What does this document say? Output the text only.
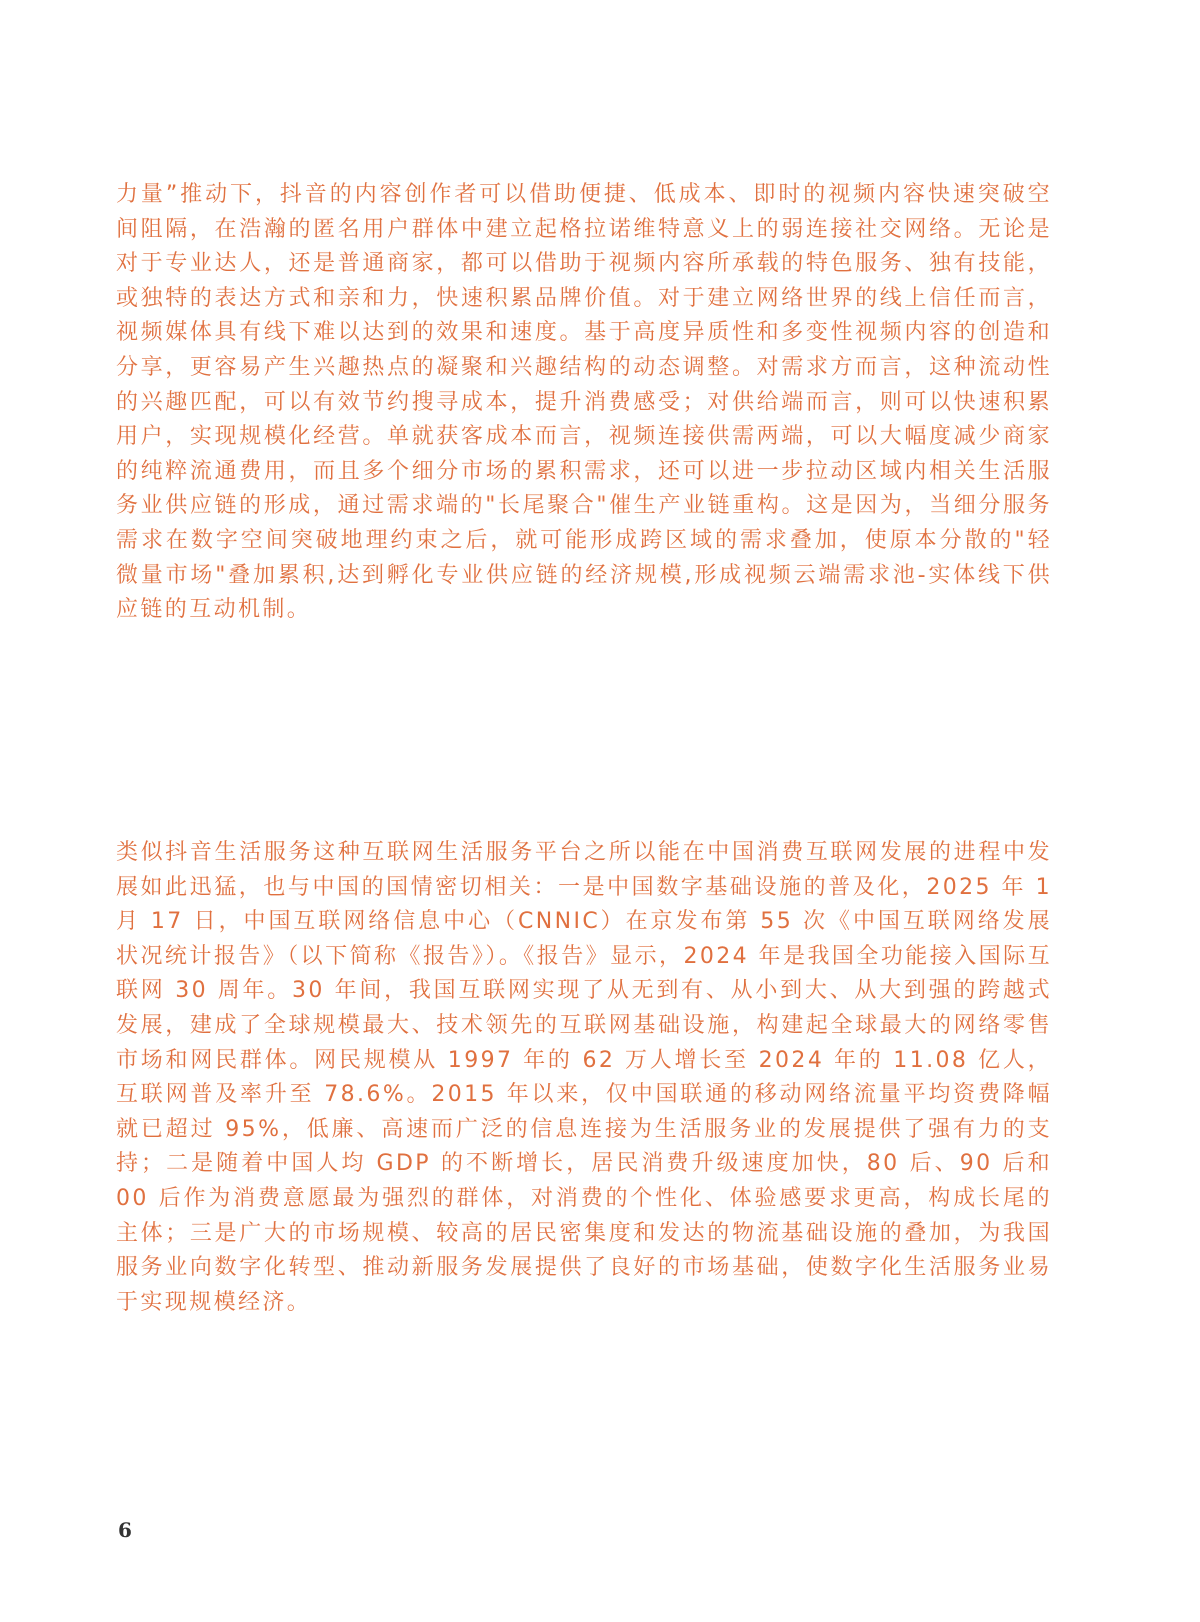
力量”推动下，抖音的内容创作者可以借助便捷、低成本、即时的视频内容快速突破空间阻隔，在浩瀚的匿名用户群体中建立起格拉诺维特意义上的弱连接社交网络。无论是对于专业达人，还是普通商家，都可以借助于视频内容所承载的特色服务、独有技能，或独特的表达方式和亲和力，快速积累品牌价值。对于建立网络世界的线上信任而言，视频媒体具有线下难以达到的效果和速度。基于高度异质性和多变性视频内容的创造和分享，更容易产生兴趣热点的凝聚和兴趣结构的动态调整。对需求方而言，这种流动性的兴趣匹配，可以有效节约搜寻成本，提升消费感受；对供给端而言，则可以快速积累用户，实现规模化经营。单就获客成本而言，视频连接供需两端，可以大幅度减少商家的纯粹流通费用，而且多个细分市场的累积需求，还可以进一步拉动区域内相关生活服务业供应链的形成，通过需求端的"长尾聚合"催生产业链重构。这是因为，当细分服务需求在数字空间突破地理约束之后，就可能形成跨区域的需求叠加，使原本分散的"轻微量市场"叠加累积,达到孵化专业供应链的经济规模,形成视频云端需求池-实体线下供应链的互动机制。

类似抖音生活服务这种互联网生活服务平台之所以能在中国消费互联网发展的进程中发展如此迅猛，也与中国的国情密切相关：一是中国数字基础设施的普及化，2025 年 1 月 17 日，中国互联网络信息中心（CNNIC）在京发布第 55 次《中国互联网络发展状况统计报告》（以下简称《报告》）。《报告》显示，2024 年是我国全功能接入国际互联网 30 周年。30 年间，我国互联网实现了从无到有、从小到大、从大到强的跨越式发展，建成了全球规模最大、技术领先的互联网基础设施，构建起全球最大的网络零售市场和网民群体。网民规模从 1997 年的 62 万人增长至 2024 年的 11.08 亿人，互联网普及率升至 78.6%。2015 年以来，仅中国联通的移动网络流量平均资费降幅就已超过 95%，低廉、高速而广泛的信息连接为生活服务业的发展提供了强有力的支持；二是随着中国人均 GDP 的不断增长，居民消费升级速度加快，80 后、90 后和 00 后作为消费意愿最为强烈的群体，对消费的个性化、体验感要求更高，构成长尾的主体；三是广大的市场规模、较高的居民密集度和发达的物流基础设施的叠加，为我国服务业向数字化转型、推动新服务发展提供了良好的市场基础，使数字化生活服务业易于实现规模经济。

6
